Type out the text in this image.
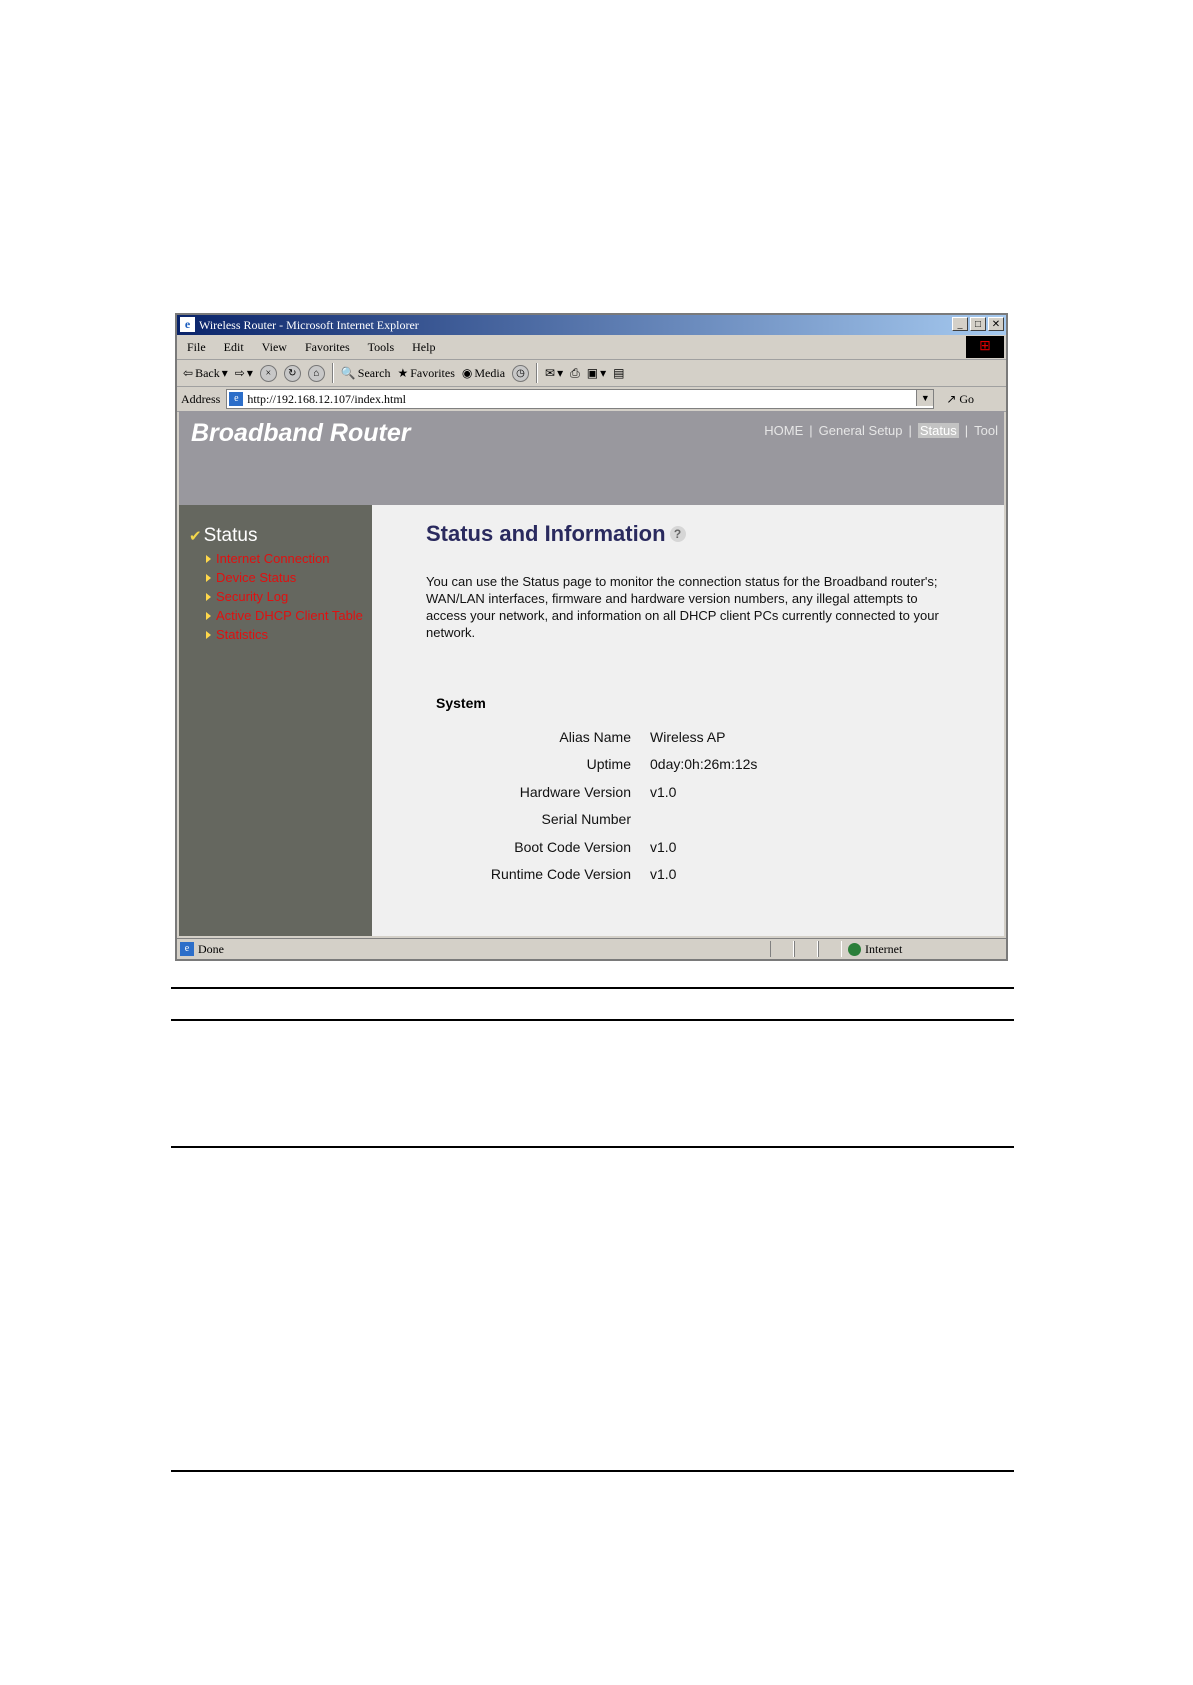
e Wireless Router - Microsoft Internet Explorer	_	□	✕
File	Edit	View	Favorites	Tools	Help	⊞
⇦ Back ▾ ⇨ ▾	×	↻	⌂	🔍 Search ★ Favorites ◉ Media	◷	✉ ▾ ⎙ ▣ ▾ ▤
Address	e http://192.168.12.107/index.html	▼ ↗ Go
Broadband Router	HOME | General Setup | Status | Tool
✔ Status
Internet Connection
Device Status
Security Log
Active DHCP Client Table
Statistics
Status and Information ?
You can use the Status page to monitor the connection status for the Broadband router's; WAN/LAN interfaces, firmware and hardware version numbers, any illegal attempts to access your network, and information on all DHCP client PCs currently connected to your network.
System
Alias Name Wireless AP
Uptime 0day:0h:26m:12s
Hardware Version v1.0
Serial Number
Boot Code Version v1.0
Runtime Code Version v1.0
e Done	Internet
